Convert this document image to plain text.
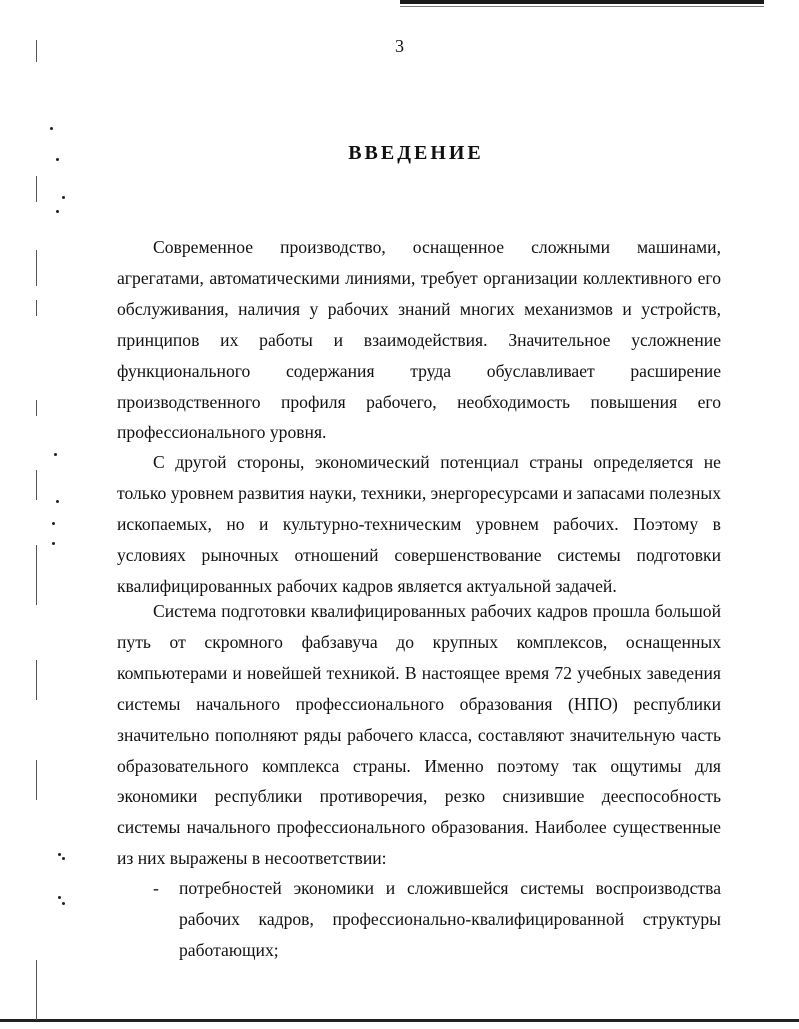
3
ВВЕДЕНИЕ

Современное производство, оснащенное сложными машинами, агрегатами, автоматическими линиями, требует организации коллективного его обслуживания, наличия у рабочих знаний многих механизмов и устройств, принципов их работы и взаимодействия. Значительное усложнение функционального содержания труда обуславливает расширение производственного профиля рабочего, необходимость повышения его профессионального уровня.

С другой стороны, экономический потенциал страны определяется не только уровнем развития науки, техники, энергоресурсами и запасами полезных ископаемых, но и культурно-техническим уровнем рабочих. Поэтому в условиях рыночных отношений совершенствование системы подготовки квалифицированных рабочих кадров является актуальной задачей.

Система подготовки квалифицированных рабочих кадров прошла большой путь от скромного фабзавуча до крупных комплексов, оснащенных компьютерами и новейшей техникой. В настоящее время 72 учебных заведения системы начального профессионального образования (НПО) республики значительно пополняют ряды рабочего класса, составляют значительную часть образовательного комплекса страны. Именно поэтому так ощутимы для экономики республики противоречия, резко снизившие дееспособность системы начального профессионального образования. Наиболее существенные из них выражены в несоответствии:

- потребностей экономики и сложившейся системы воспроизводства рабочих кадров, профессионально-квалифицированной структуры работающих;
